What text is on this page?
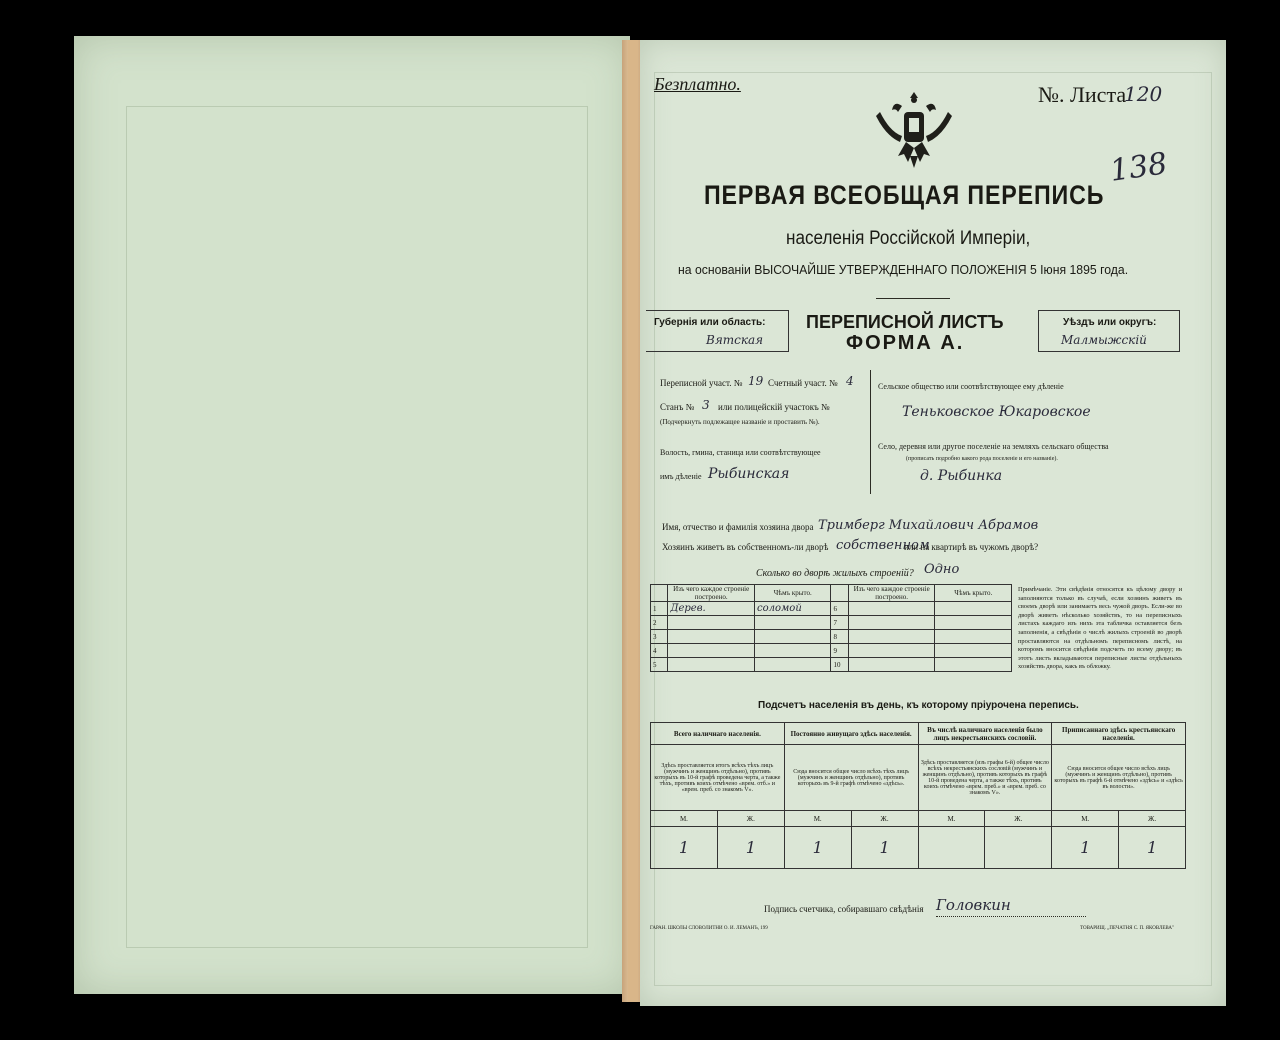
Безплатно.	№. Листа
120
138
ПЕРВАЯ ВСЕОБЩАЯ ПЕРЕПИСЬ
населенія Россійской Имперіи,
на основаніи ВЫСОЧАЙШЕ УТВЕРЖДЕННАГО ПОЛОЖЕНІЯ 5 Іюня 1895 года.
Губернія или область:
Вятская
ПЕРЕПИСНОЙ ЛИСТЪ
ФОРМА А.
Уѣздъ или округъ:
Малмыжскій
Переписной участ. № 19 Счетный участ. № 4
Станъ № 3 или полицейскій участокъ №
(Подчеркнуть подлежащее названіе и проставить №).
Волость, гмина, станица или соотвѣтствующее
имъ дѣленіе Рыбинская
Сельское общество или соотвѣтствующее ему дѣленіе
Теньковское Юкаровское
Село, деревня или другое поселеніе на земляхъ сельскаго общества
(прописать подробно какого рода поселеніе и его названіе).
д. Рыбинка
Имя, отчество и фамилія хозяина двора Тримберг Михайлович Абрамов
Хозяинъ живетъ въ собственномъ-ли дворѣ собственном
или на квартирѣ въ чужомъ дворѣ?
Сколько во дворѣ жилыхъ строеній? Одно
	Изъ чего каждое строеніе построено.	Чѣмъ крыто.		Изъ чего каждое строеніе построено.	Чѣмъ крыто.
1	Дерев.	соломой	6		
2			7		
3			8		
4			9		
5			10		
Примѣчаніе. Эти свѣдѣнія относятся къ цѣлому двору и заполняются только въ случаѣ, если хозяинъ живетъ въ своемъ дворѣ или занимаетъ весь чужой дворъ. Если-же во дворѣ живетъ нѣсколько хозяйствъ, то на переписныхъ листахъ каждаго изъ нихъ эта табличка оставляется безъ заполненія, а свѣдѣнія о числѣ жилыхъ строеній во дворѣ проставляются на отдѣльномъ переписномъ листѣ, на которомъ вносится свѣдѣнія подсчетъ по всему двору; въ этотъ листъ вкладываются переписные листы отдѣльныхъ хозяйствъ двора, какъ въ обложку.
Подсчетъ населенія въ день, къ которому пріурочена перепись.
Всего наличнаго населенія.		Постоянно живущаго здѣсь населенія.		Въ числѣ наличнаго населенія было лицъ некрестьянскихъ сословій.		Приписаннаго здѣсь крестьянскаго населенія.	
Здѣсь проставляется итогъ всѣхъ тѣхъ лицъ (мужчинъ и женщинъ отдѣльно), противъ которыхъ въ 10-й графѣ проведена черта, а также тѣхъ, противъ коихъ отмѣчено «врем. отб.» и «врем. преб. со знакомъ V».		Сюда вносится общее число всѣхъ тѣхъ лицъ (мужчинъ и женщинъ отдѣльно), противъ которыхъ въ 9-й графѣ отмѣчено «здѣсь».		Здѣсь проставляется (изъ графы 6-й) общее число всѣхъ некрестьянскихъ сословій (мужчинъ и женщинъ отдѣльно), противъ которыхъ въ графѣ 10-й проведена черта, а также тѣхъ, противъ коихъ отмѣчено «врем. преб.» и «врем. преб. со знакомъ V».		Сюда вносится общее число всѣхъ лицъ (мужчинъ и женщинъ отдѣльно), противъ которыхъ въ графѣ 6-й отмѣчено «здѣсь» и «здѣсь въ волости».	
М.	Ж.	М.	Ж.	М.	Ж.	М.	Ж.
1	1	1	1			1	1
Подпись счетчика, собиравшаго свѣдѣнія Головкин
ГАРАН. ШКОЛЫ СЛОВОЛИТНИ О. И. ЛЕМАНЪ, 199	ТОВАРИЩ. „ПЕЧАТНЯ С. П. ЯКОВЛЕВА"
